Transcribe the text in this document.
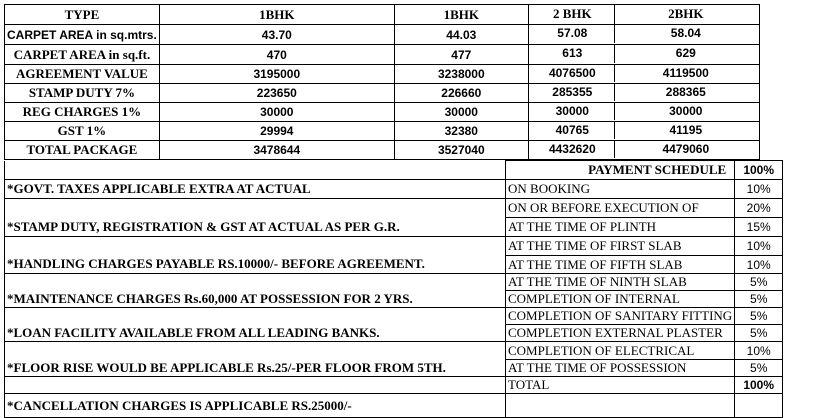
TYPE	1BHK	1BHK	2 BHK 2BHK	

CARPET AREA in sq.mtrs.	43.70	44.03	57.08 58.04	

CARPET AREA in sq.ft.	470	477	613 629	

AGREEMENT VALUE	3195000	3238000	4076500 4119500	

STAMP DUTY 7%	223650	226660	285355 288365	

REG CHARGES 1%	30000	30000	30000 30000	

GST 1%	29994	32380	40765 41195	

TOTAL PACKAGE	3478644	3527040	4432620 4479060	

	PAYMENT SCHEDULE	100%
*GOVT. TAXES APPLICABLE EXTRA AT ACTUAL	ON BOOKING	10%
	ON OR BEFORE EXECUTION OF	20%
*STAMP DUTY, REGISTRATION & GST AT ACTUAL AS PER G.R.	AT THE TIME OF PLINTH	15%
	AT THE TIME OF FIRST SLAB	10%
*HANDLING CHARGES PAYABLE RS.10000/- BEFORE AGREEMENT.	AT THE TIME OF FIFTH SLAB	10%
	AT THE TIME OF NINTH SLAB	5%
*MAINTENANCE CHARGES Rs.60,000 AT POSSESSION FOR 2 YRS.	COMPLETION OF INTERNAL	5%
	COMPLETION OF SANITARY FITTING	5%
*LOAN FACILITY AVAILABLE FROM ALL LEADING BANKS.	COMPLETION EXTERNAL PLASTER	5%
	COMPLETION OF ELECTRICAL	10%
*FLOOR RISE WOULD BE APPLICABLE Rs.25/-PER FLOOR FROM 5TH.	AT THE TIME OF POSSESSION	5%
	TOTAL	100%
*CANCELLATION CHARGES IS APPLICABLE RS.25000/-		
